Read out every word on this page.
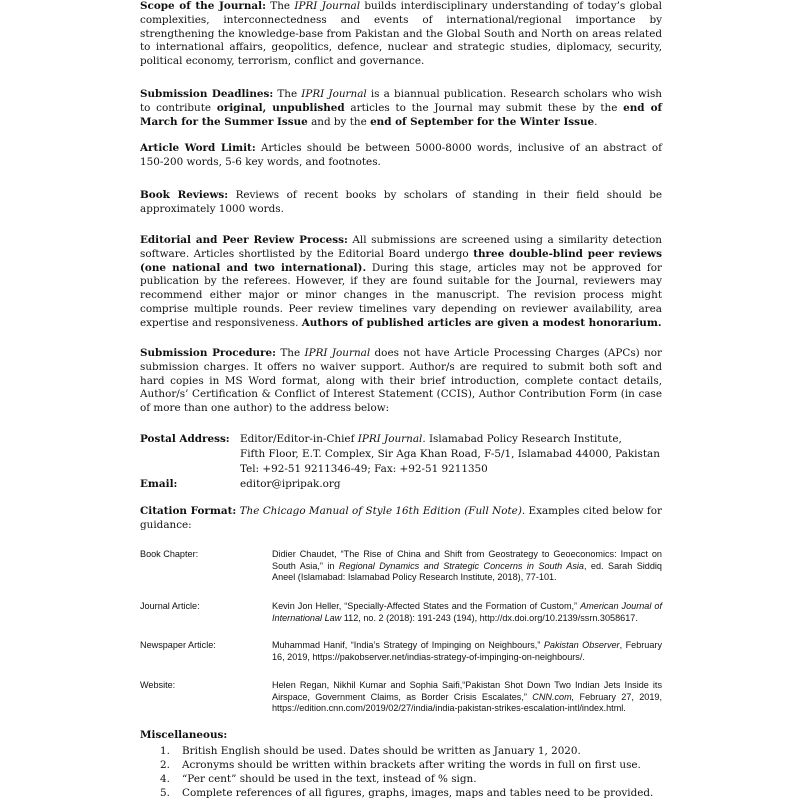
Scope of the Journal: The IPRI Journal builds interdisciplinary understanding of today’s global complexities, interconnectedness and events of international/regional importance by strengthening the knowledge-base from Pakistan and the Global South and North on areas related to international affairs, geopolitics, defence, nuclear and strategic studies, diplomacy, security, political economy, terrorism, conflict and governance.

Submission Deadlines: The IPRI Journal is a biannual publication. Research scholars who wish to contribute original, unpublished articles to the Journal may submit these by the end of March for the Summer Issue and by the end of September for the Winter Issue.

Article Word Limit: Articles should be between 5000-8000 words, inclusive of an abstract of 150-200 words, 5-6 key words, and footnotes.

Book Reviews: Reviews of recent books by scholars of standing in their field should be approximately 1000 words.

Editorial and Peer Review Process: All submissions are screened using a similarity detection software. Articles shortlisted by the Editorial Board undergo three double-blind peer reviews (one national and two international). During this stage, articles may not be approved for publication by the referees. However, if they are found suitable for the Journal, reviewers may recommend either major or minor changes in the manuscript. The revision process might comprise multiple rounds. Peer review timelines vary depending on reviewer availability, area expertise and responsiveness. Authors of published articles are given a modest honorarium.

Submission Procedure: The IPRI Journal does not have Article Processing Charges (APCs) nor submission charges. It offers no waiver support. Author/s are required to submit both soft and hard copies in MS Word format, along with their brief introduction, complete contact details, Author/s’ Certification & Conflict of Interest Statement (CCIS), Author Contribution Form (in case of more than one author) to the address below:

Postal Address: Editor/Editor-in-Chief IPRI Journal. Islamabad Policy Research Institute,
Fifth Floor, E.T. Complex, Sir Aga Khan Road, F-5/1, Islamabad 44000, Pakistan
Tel: +92-51 9211346-49; Fax: +92-51 9211350
Email:	editor@ipripak.org

Citation Format: The Chicago Manual of Style 16th Edition (Full Note). Examples cited below for guidance:

Book Chapter:	Didier Chaudet, “The Rise of China and Shift from Geostrategy to Geoeconomics: Impact on South Asia,” in Regional Dynamics and Strategic Concerns in South Asia, ed. Sarah Siddiq Aneel (Islamabad: Islamabad Policy Research Institute, 2018), 77-101.
Journal Article:	Kevin Jon Heller, “Specially-Affected States and the Formation of Custom,” American Journal of International Law 112, no. 2 (2018): 191-243 (194), http://dx.doi.org/10.2139/ssrn.3058617.
Newspaper Article:	Muhammad Hanif, “India’s Strategy of Impinging on Neighbours,” Pakistan Observer, February 16, 2019, https://pakobserver.net/indias-strategy-of-impinging-on-neighbours/.
Website:	Helen Regan, Nikhil Kumar and Sophia Saifi,“Pakistan Shot Down Two Indian Jets Inside its Airspace, Government Claims, as Border Crisis Escalates,” CNN.com, February 27, 2019, https://edition.cnn.com/2019/02/27/india/india-pakistan-strikes-escalation-intl/index.html.
Miscellaneous:
1. British English should be used. Dates should be written as January 1, 2020.
2. Acronyms should be written within brackets after writing the words in full on first use.
4. “Per cent” should be used in the text, instead of % sign.
5. Complete references of all figures, graphs, images, maps and tables need to be provided.
